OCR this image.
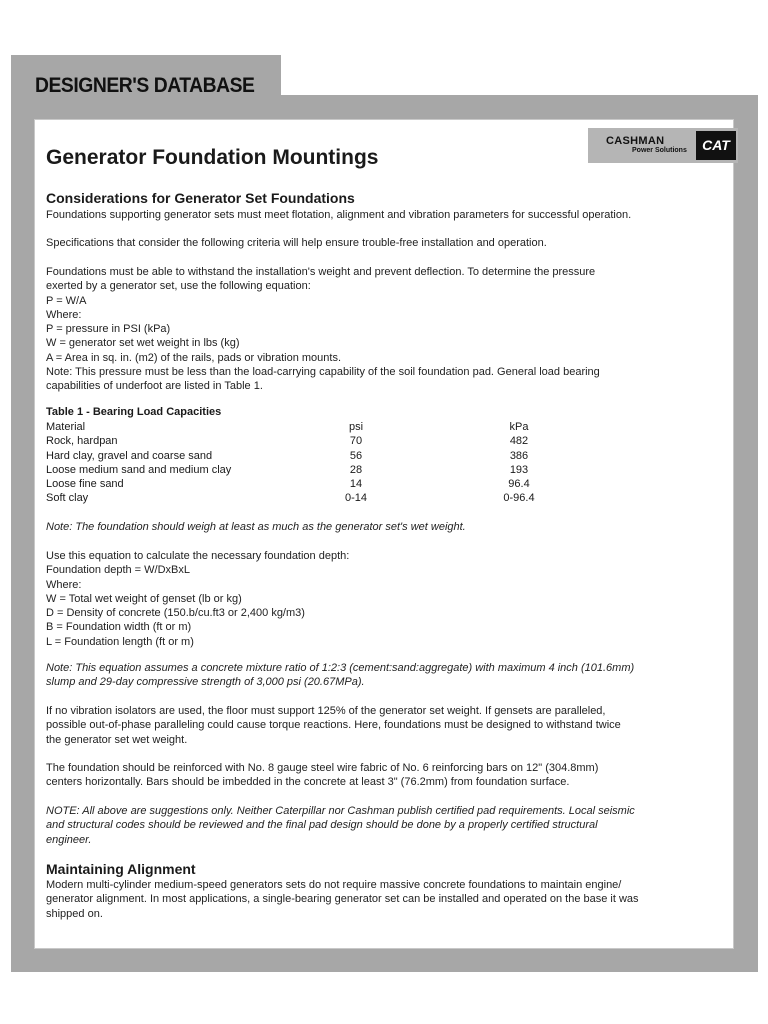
DESIGNER'S DATABASE
Generator Foundation Mountings
CASHMAN
Power Solutions	CAT
Considerations for Generator Set Foundations
Foundations supporting generator sets must meet flotation, alignment and vibration parameters for successful operation.
Specifications that consider the following criteria will help ensure trouble-free installation and operation.
Foundations must be able to withstand the installation's weight and prevent deflection. To determine the pressure
exerted by a generator set, use the following equation:
P = W/A
Where:
P = pressure in PSI (kPa)
W = generator set wet weight in lbs (kg)
A = Area in sq. in. (m2) of the rails, pads or vibration mounts.
Note: This pressure must be less than the load-carrying capability of the soil foundation pad. General load bearing
capabilities of underfoot are listed in Table 1.
Table 1 - Bearing Load Capacities
Material	psi	kPa
Rock, hardpan	70	482
Hard clay, gravel and coarse sand	56	386
Loose medium sand and medium clay	28	193
Loose fine sand	14	96.4
Soft clay	0-14	0-96.4
Note: The foundation should weigh at least as much as the generator set's wet weight.
Use this equation to calculate the necessary foundation depth:
Foundation depth = W/DxBxL
Where:
W = Total wet weight of genset (lb or kg)
D = Density of concrete (150.b/cu.ft3 or 2,400 kg/m3)
B = Foundation width (ft or m)
L = Foundation length (ft or m)
Note: This equation assumes a concrete mixture ratio of 1:2:3 (cement:sand:aggregate) with maximum 4 inch (101.6mm)
slump and 29-day compressive strength of 3,000 psi (20.67MPa).
If no vibration isolators are used, the floor must support 125% of the generator set weight. If gensets are paralleled,
possible out-of-phase paralleling could cause torque reactions. Here, foundations must be designed to withstand twice
the generator set wet weight.
The foundation should be reinforced with No. 8 gauge steel wire fabric of No. 6 reinforcing bars on 12" (304.8mm)
centers horizontally. Bars should be imbedded in the concrete at least 3" (76.2mm) from foundation surface.
NOTE: All above are suggestions only. Neither Caterpillar nor Cashman publish certified pad requirements. Local seismic
and structural codes should be reviewed and the final pad design should be done by a properly certified structural
engineer.
Maintaining Alignment
Modern multi-cylinder medium-speed generators sets do not require massive concrete foundations to maintain engine/
generator alignment. In most applications, a single-bearing generator set can be installed and operated on the base it was
shipped on.
